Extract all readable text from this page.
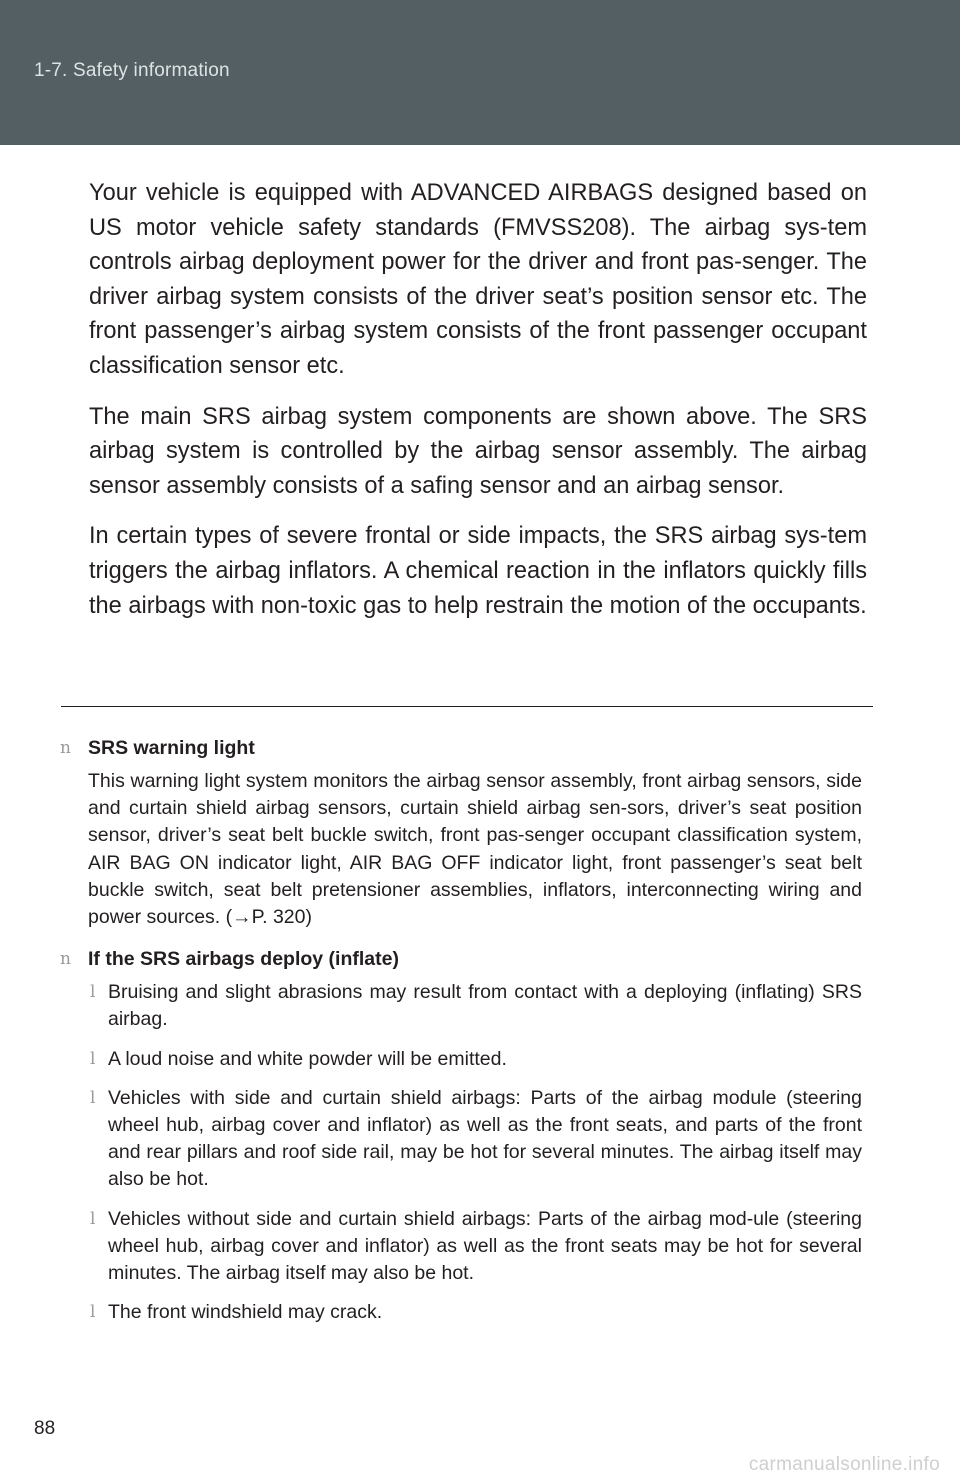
1-7. Safety information

Your vehicle is equipped with ADVANCED AIRBAGS designed based on US motor vehicle safety standards (FMVSS208). The airbag sys-tem controls airbag deployment power for the driver and front pas-senger. The driver airbag system consists of the driver seat’s position sensor etc. The front passenger’s airbag system consists of the front passenger occupant classification sensor etc.

The main SRS airbag system components are shown above. The SRS airbag system is controlled by the airbag sensor assembly. The airbag sensor assembly consists of a safing sensor and an airbag sensor.

In certain types of severe frontal or side impacts, the SRS airbag sys-tem triggers the airbag inflators. A chemical reaction in the inflators quickly fills the airbags with non-toxic gas to help restrain the motion of the occupants.

n SRS warning light

This warning light system monitors the airbag sensor assembly, front airbag sensors, side and curtain shield airbag sensors, curtain shield airbag sen-sors, driver’s seat position sensor, driver’s seat belt buckle switch, front pas-senger occupant classification system, AIR BAG ON indicator light, AIR BAG OFF indicator light, front passenger’s seat belt buckle switch, seat belt pretensioner assemblies, inflators, interconnecting wiring and power sources. (→P. 320)

n If the SRS airbags deploy (inflate)
l Bruising and slight abrasions may result from contact with a deploying (inflating) SRS airbag.
l A loud noise and white powder will be emitted.
l Vehicles with side and curtain shield airbags: Parts of the airbag module (steering wheel hub, airbag cover and inflator) as well as the front seats, and parts of the front and rear pillars and roof side rail, may be hot for several minutes. The airbag itself may also be hot.
l Vehicles without side and curtain shield airbags: Parts of the airbag mod-ule (steering wheel hub, airbag cover and inflator) as well as the front seats may be hot for several minutes. The airbag itself may also be hot.
l The front windshield may crack.
88
carmanualsonline.info
